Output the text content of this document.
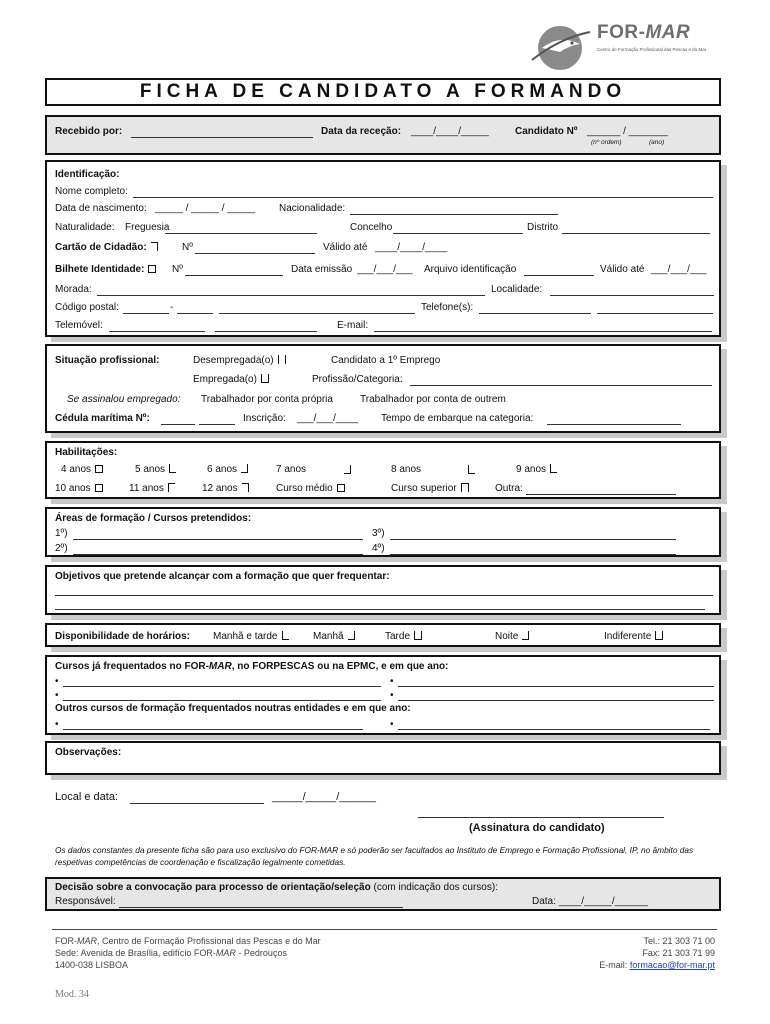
FOR-MAR
Centro de Formação Profissional das Pescas e do Mar
FICHA DE CANDIDATO A FORMANDO
Recebido por:	Data da receção: ____/____/_____	Candidato Nº ______ / _______
(nº ordem)	(ano)
Identificação:
Nome completo:
Data de nascimento: _____ / _____ / _____ Nacionalidade:
Naturalidade: Freguesia	Concelho	Distrito
Cartão de Cidadão:	Nº	Válido até ____/____/____
Bilhete Identidade:	Nº	Data emissão ___/___/___ Arquivo identificação	Válido até ___/___/___
Morada:	Localidade:
Código postal:	-	Telefone(s):
Telemóvel:	E-mail:
Situação profissional:	Desempregada(o)	Candidato a 1º Emprego
Empregada(o)	Profissão/Categoria:
Se assinalou empregado: Trabalhador por conta própria	Trabalhador por conta de outrem
Cédula marítima Nº:	Inscrição: ___/___/____ Tempo de embarque na categoria:
Habilitações:
4 anos	5 anos	6 anos	7 anos	8 anos	9 anos
10 anos	11 anos	12 anos	Curso médio	Curso superior	Outra:
Áreas de formação / Cursos pretendidos:
1º)	3º)
2º)	4º)
Objetivos que pretende alcançar com a formação que quer frequentar:
Disponibilidade de horários: Manhã e tarde	Manhã	Tarde	Noite	Indiferente
Cursos já frequentados no FOR-MAR, no FORPESCAS ou na EPMC, e em que ano:
•	•
•	•
Outros cursos de formação frequentados noutras entidades e em que ano:
•	•
Observações:
Local e data:	_____/_____/______
(Assinatura do candidato)
Os dados constantes da presente ficha são para uso exclusivo do FOR-MAR e só poderão ser facultados ao Instituto de Emprego e Formação Profissional, IP, no âmbito das respetivas competências de coordenação e fiscalização legalmente cometidas.
Decisão sobre a convocação para processo de orientação/seleção (com indicação dos cursos):
Responsável:	Data: ____/_____/______
FOR-MAR, Centro de Formação Profissional das Pescas e do Mar
Sede: Avenida de Brasília, edifício FOR-MAR - Pedrouços
1400-038 LISBOA
Tel.: 21 303 71 00
Fax: 21 303 71 99
E-mail: formacao@for-mar.pt
Mod. 34
